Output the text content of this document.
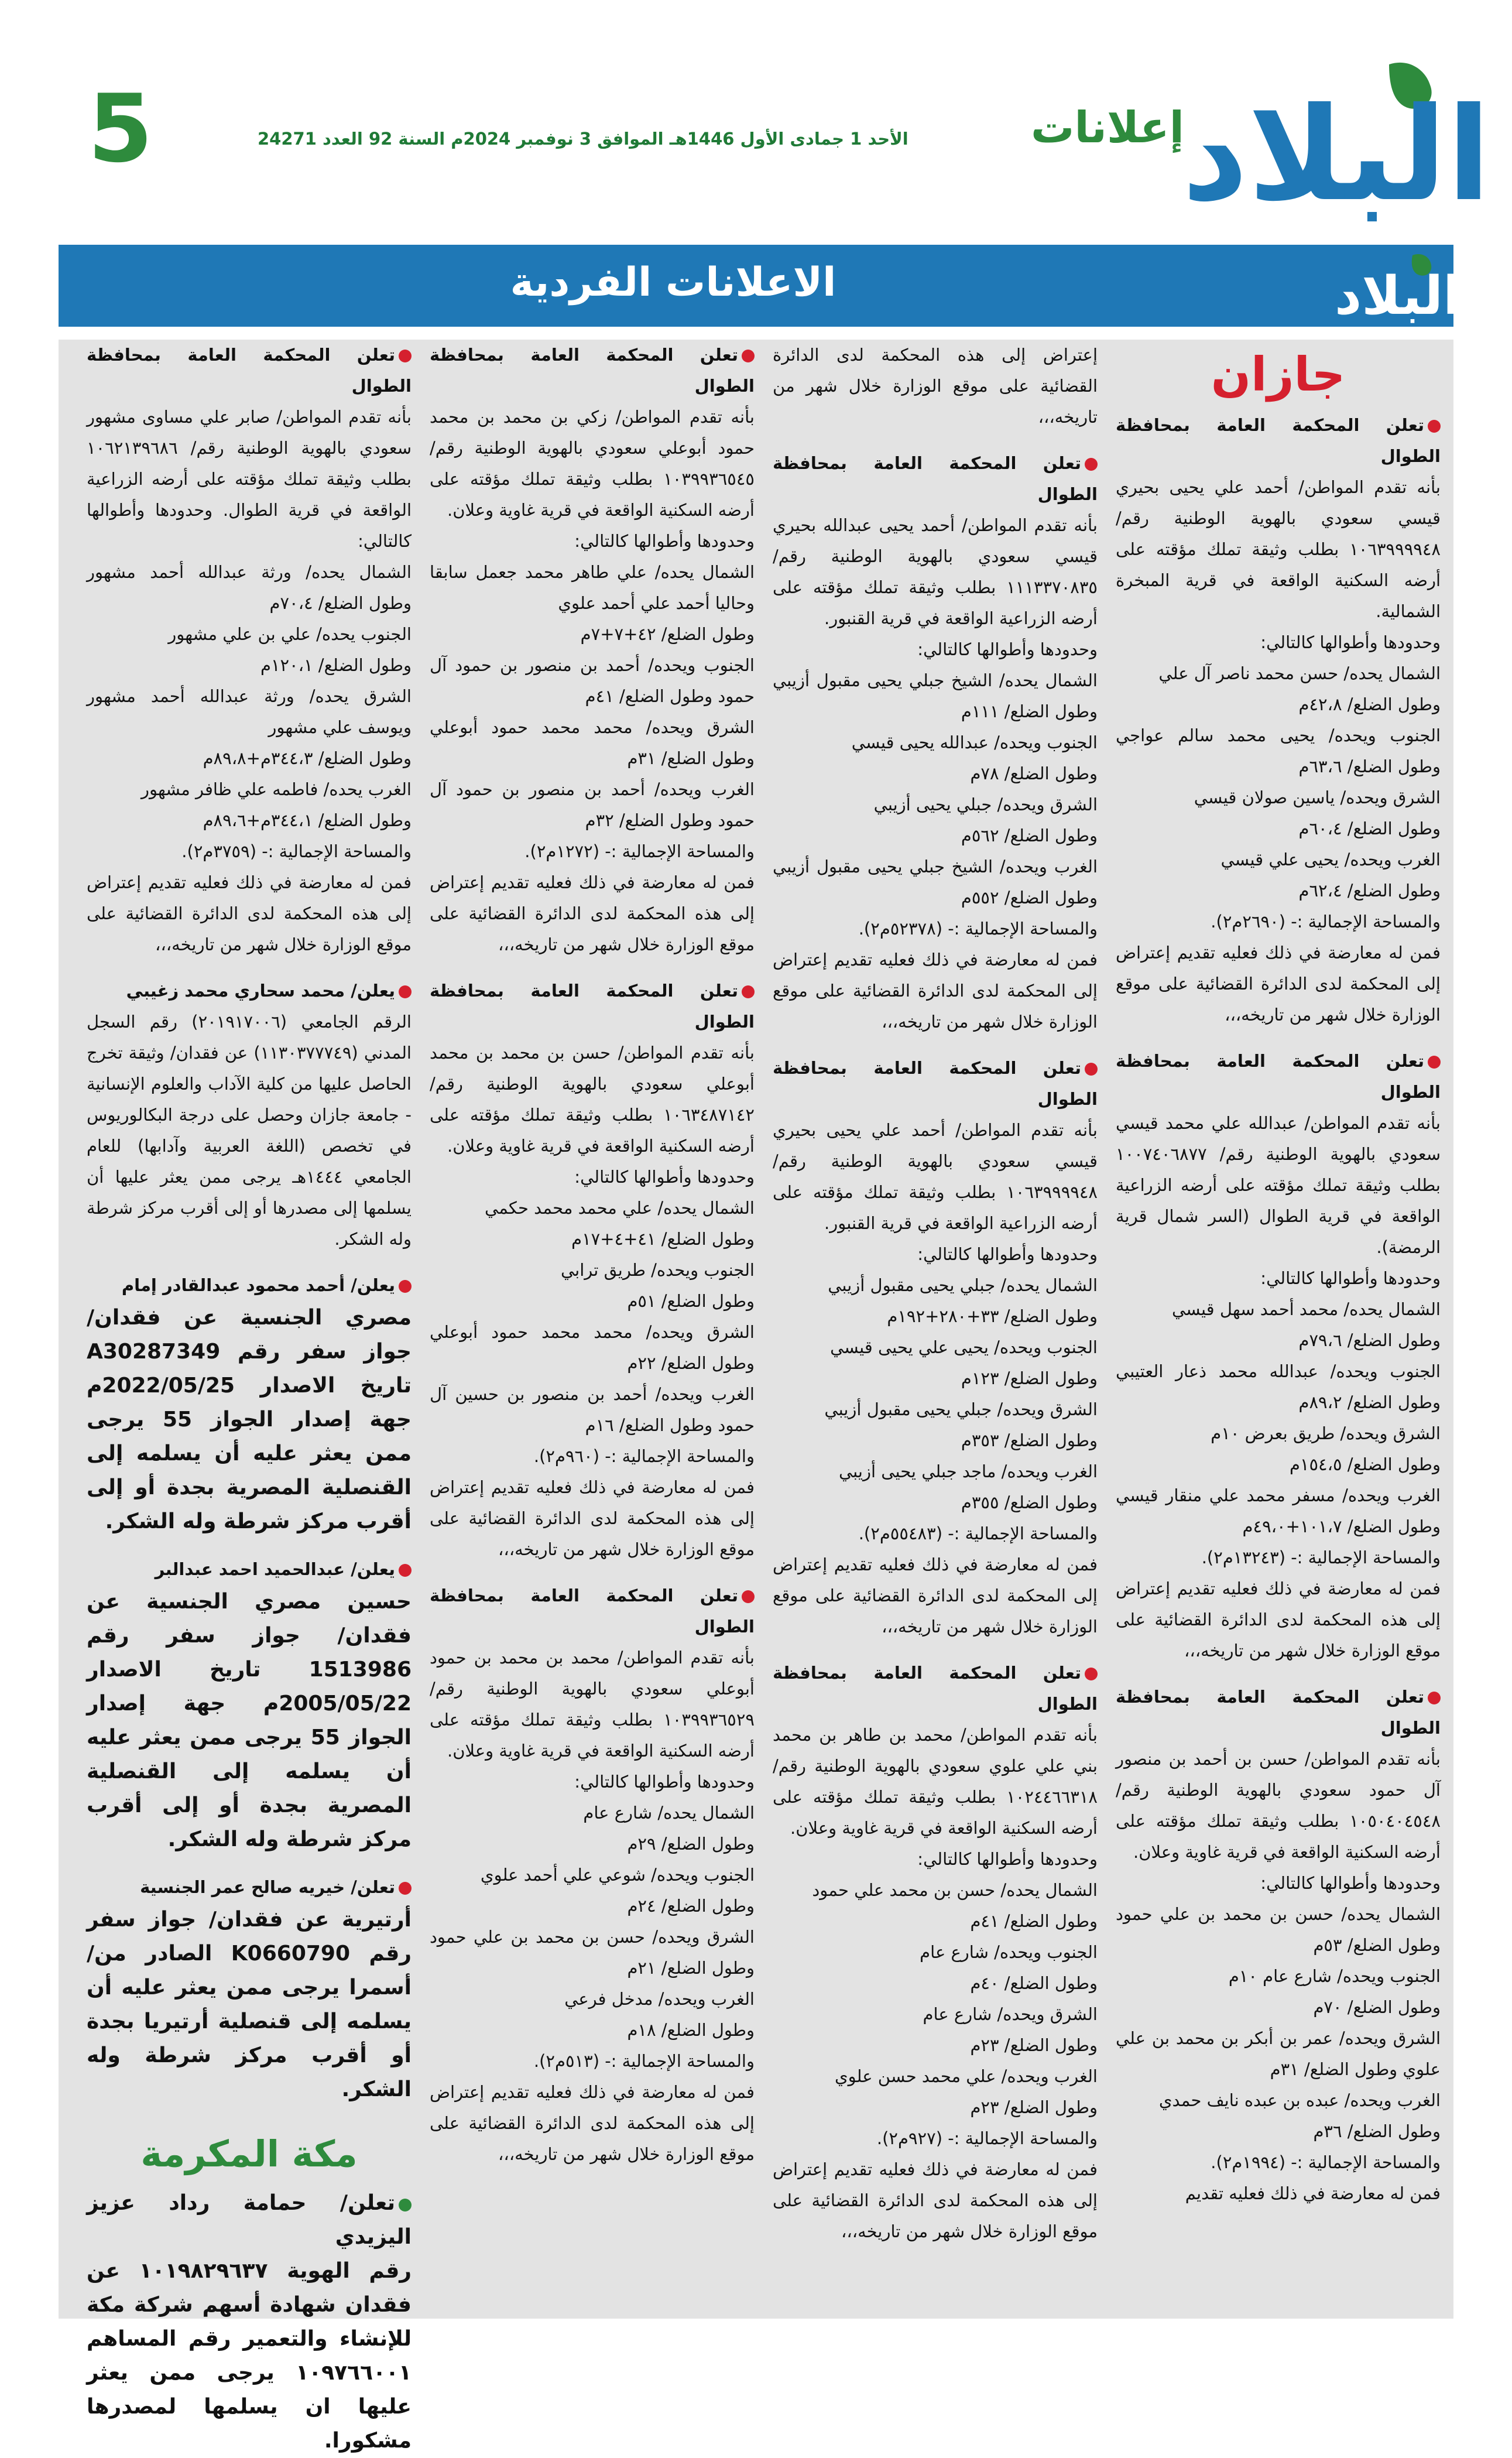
البلاد
إعلانات
الأحد 1 جمادى الأول 1446هـ الموافق 3 نوفمبر 2024م السنة 92 العدد 24271
5
البلاد
الاعلانات الفردية
جازان

تعلن المحكمة العامة بمحافظة الطوال

بأنه تقدم المواطن/ أحمد علي يحيى بحيري قيسي سعودي بالهوية الوطنية رقم/ ١٠٦٣٩٩٩٩٤٨ بطلب وثيقة تملك مؤقته على أرضه السكنية الواقعة في قرية المبخرة الشمالية.

وحدودها وأطوالها كالتالي:

الشمال يحده/ حسن محمد ناصر آل علي

وطول الضلع/ ٤٢،٨م

الجنوب ويحده/ يحيى محمد سالم عواجي وطول الضلع/ ٦٣،٦م

الشرق ويحده/ ياسين صولان قيسي

وطول الضلع/ ٦٠،٤م

الغرب ويحده/ يحيى علي قيسي

وطول الضلع/ ٦٢،٤م

والمساحة الإجمالية :- (٢٦٩٠م٢).

فمن له معارضة في ذلك فعليه تقديم إعتراض إلى المحكمة لدى الدائرة القضائية على موقع الوزارة خلال شهر من تاريخه،،،

تعلن المحكمة العامة بمحافظة الطوال

بأنه تقدم المواطن/ عبدالله علي محمد قيسي سعودي بالهوية الوطنية رقم/ ١٠٠٧٤٠٦٨٧٧ بطلب وثيقة تملك مؤقته على أرضه الزراعية الواقعة في قرية الطوال (السر شمال قرية الرمضة).

وحدودها وأطوالها كالتالي:

الشمال يحده/ محمد أحمد سهل قيسي

وطول الضلع/ ٧٩،٦م

الجنوب ويحده/ عبدالله محمد ذعار العتيبي وطول الضلع/ ٨٩،٢م

الشرق ويحده/ طريق بعرض ١٠م

وطول الضلع/ ١٥٤،٥م

الغرب ويحده/ مسفر محمد علي منقار قيسي وطول الضلع/ ١٠١،٧+٤٩،٠م

والمساحة الإجمالية :- (١٣٢٤٣م٢).

فمن له معارضة في ذلك فعليه تقديم إعتراض إلى هذه المحكمة لدى الدائرة القضائية على موقع الوزارة خلال شهر من تاريخه،،،

تعلن المحكمة العامة بمحافظة الطوال

بأنه تقدم المواطن/ حسن بن أحمد بن منصور آل حمود سعودي بالهوية الوطنية رقم/ ١٠٥٠٤٠٤٥٤٨ بطلب وثيقة تملك مؤقته على أرضه السكنية الواقعة في قرية غاوية وعلان.

وحدودها وأطوالها كالتالي:

الشمال يحده/ حسن بن محمد بن علي حمود وطول الضلع/ ٥٣م

الجنوب ويحده/ شارع عام ١٠م

وطول الضلع/ ٧٠م

الشرق ويحده/ عمر بن أبكر بن محمد بن علي علوي وطول الضلع/ ٣١م

الغرب ويحده/ عبده بن عبده نايف حمدي

وطول الضلع/ ٣٦م

والمساحة الإجمالية :- (١٩٩٤م٢).

فمن له معارضة في ذلك فعليه تقديم

إعتراض إلى هذه المحكمة لدى الدائرة القضائية على موقع الوزارة خلال شهر من تاريخه،،،

تعلن المحكمة العامة بمحافظة الطوال

بأنه تقدم المواطن/ أحمد يحيى عبدالله بحيري قيسي سعودي بالهوية الوطنية رقم/ ١١١٣٣٧٠٨٣٥ بطلب وثيقة تملك مؤقته على أرضه الزراعية الواقعة في قرية القنبور.

وحدودها وأطوالها كالتالي:

الشمال يحده/ الشيخ جبلي يحيى مقبول أزيبي وطول الضلع/ ١١١م

الجنوب ويحده/ عبدالله يحيى قيسي

وطول الضلع/ ٧٨م

الشرق ويحده/ جبلي يحيى أزيبي

وطول الضلع/ ٥٦٢م

الغرب ويحده/ الشيخ جبلي يحيى مقبول أزيبي وطول الضلع/ ٥٥٢م

والمساحة الإجمالية :- (٥٢٣٧٨م٢).

فمن له معارضة في ذلك فعليه تقديم إعتراض إلى المحكمة لدى الدائرة القضائية على موقع الوزارة خلال شهر من تاريخه،،،

تعلن المحكمة العامة بمحافظة الطوال

بأنه تقدم المواطن/ أحمد علي يحيى بحيري قيسي سعودي بالهوية الوطنية رقم/ ١٠٦٣٩٩٩٩٤٨ بطلب وثيقة تملك مؤقته على أرضه الزراعية الواقعة في قرية القنبور.

وحدودها وأطوالها كالتالي:

الشمال يحده/ جبلي يحيى مقبول أزيبي

وطول الضلع/ ٣٣+٢٨٠+١٩٢م

الجنوب ويحده/ يحيى علي يحيى قيسي

وطول الضلع/ ١٢٣م

الشرق ويحده/ جبلي يحيى مقبول أزيبي

وطول الضلع/ ٣٥٣م

الغرب ويحده/ ماجد جبلي يحيى أزيبي

وطول الضلع/ ٣٥٥م

والمساحة الإجمالية :- (٥٥٤٨٣م٢).

فمن له معارضة في ذلك فعليه تقديم إعتراض إلى المحكمة لدى الدائرة القضائية على موقع الوزارة خلال شهر من تاريخه،،،

تعلن المحكمة العامة بمحافظة الطوال

بأنه تقدم المواطن/ محمد بن طاهر بن محمد بني علي علوي سعودي بالهوية الوطنية رقم/ ١٠٢٤٤٦٦٣١٨ بطلب وثيقة تملك مؤقته على أرضه السكنية الواقعة في قرية غاوية وعلان.

وحدودها وأطوالها كالتالي:

الشمال يحده/ حسن بن محمد علي حمود

وطول الضلع/ ٤١م

الجنوب ويحده/ شارع عام

وطول الضلع/ ٤٠م

الشرق ويحده/ شارع عام

وطول الضلع/ ٢٣م

الغرب ويحده/ علي محمد حسن علوي

وطول الضلع/ ٢٣م

والمساحة الإجمالية :- (٩٢٧م٢).

فمن له معارضة في ذلك فعليه تقديم إعتراض إلى هذه المحكمة لدى الدائرة القضائية على موقع الوزارة خلال شهر من تاريخه،،،

تعلن المحكمة العامة بمحافظة الطوال

بأنه تقدم المواطن/ زكي بن محمد بن محمد حمود أبوعلي سعودي بالهوية الوطنية رقم/ ١٠٣٩٩٣٦٥٤٥ بطلب وثيقة تملك مؤقته على أرضه السكنية الواقعة في قرية غاوية وعلان.

وحدودها وأطوالها كالتالي:

الشمال يحده/ علي طاهر محمد جعمل سابقا وحاليا أحمد علي أحمد علوي

وطول الضلع/ ٤٢+٧+٧م

الجنوب ويحده/ أحمد بن منصور بن حمود آل حمود وطول الضلع/ ٤١م

الشرق ويحده/ محمد محمد حمود أبوعلي وطول الضلع/ ٣١م

الغرب ويحده/ أحمد بن منصور بن حمود آل حمود وطول الضلع/ ٣٢م

والمساحة الإجمالية :- (١٢٧٢م٢).

فمن له معارضة في ذلك فعليه تقديم إعتراض إلى هذه المحكمة لدى الدائرة القضائية على موقع الوزارة خلال شهر من تاريخه،،،

تعلن المحكمة العامة بمحافظة الطوال

بأنه تقدم المواطن/ حسن بن محمد بن محمد أبوعلي سعودي بالهوية الوطنية رقم/ ١٠٦٣٤٨٧١٤٢ بطلب وثيقة تملك مؤقته على أرضه السكنية الواقعة في قرية غاوية وعلان.

وحدودها وأطوالها كالتالي:

الشمال يحده/ علي محمد محمد حكمي

وطول الضلع/ ٤١+٤+١٧م

الجنوب ويحده/ طريق ترابي

وطول الضلع/ ٥١م

الشرق ويحده/ محمد محمد حمود أبوعلي وطول الضلع/ ٢٢م

الغرب ويحده/ أحمد بن منصور بن حسين آل حمود وطول الضلع/ ١٦م

والمساحة الإجمالية :- (٩٦٠م٢).

فمن له معارضة في ذلك فعليه تقديم إعتراض إلى هذه المحكمة لدى الدائرة القضائية على موقع الوزارة خلال شهر من تاريخه،،،

تعلن المحكمة العامة بمحافظة الطوال

بأنه تقدم المواطن/ محمد بن محمد بن حمود أبوعلي سعودي بالهوية الوطنية رقم/ ١٠٣٩٩٣٦٥٢٩ بطلب وثيقة تملك مؤقته على أرضه السكنية الواقعة في قرية غاوية وعلان.

وحدودها وأطوالها كالتالي:

الشمال يحده/ شارع عام

وطول الضلع/ ٢٩م

الجنوب ويحده/ شوعي علي أحمد علوي

وطول الضلع/ ٢٤م

الشرق ويحده/ حسن بن محمد بن علي حمود وطول الضلع/ ٢١م

الغرب ويحده/ مدخل فرعي

وطول الضلع/ ١٨م

والمساحة الإجمالية :- (٥١٣م٢).

فمن له معارضة في ذلك فعليه تقديم إعتراض إلى هذه المحكمة لدى الدائرة القضائية على موقع الوزارة خلال شهر من تاريخه،،،

تعلن المحكمة العامة بمحافظة الطوال

بأنه تقدم المواطن/ صابر علي مساوى مشهور سعودي بالهوية الوطنية رقم/ ١٠٦٢١٣٩٦٨٦ بطلب وثيقة تملك مؤقته على أرضه الزراعية الواقعة في قرية الطوال. وحدودها وأطوالها كالتالي:

الشمال يحده/ ورثة عبدالله أحمد مشهور وطول الضلع/ ٧٠،٤م

الجنوب يحده/ علي بن علي مشهور

وطول الضلع/ ١٢٠،١م

الشرق يحده/ ورثة عبدالله أحمد مشهور ويوسف علي مشهور

وطول الضلع/ ٣٤٤،٣م+٨٩،٨م

الغرب يحده/ فاطمه علي ظافر مشهور

وطول الضلع/ ٣٤٤،١م+٨٩،٦م

والمساحة الإجمالية :- (٣٧٥٩م٢).

فمن له معارضة في ذلك فعليه تقديم إعتراض إلى هذه المحكمة لدى الدائرة القضائية على موقع الوزارة خلال شهر من تاريخه،،،

يعلن/ محمد سحاري محمد زغيبي

الرقم الجامعي (٢٠١٩١٧٠٠٦) رقم السجل المدني (١١٣٠٣٧٧٧٤٩) عن فقدان/ وثيقة تخرج الحاصل عليها من كلية الآداب والعلوم الإنسانية - جامعة جازان وحصل على درجة البكالوريوس في تخصص (اللغة العربية وآدابها) للعام الجامعي ١٤٤٤هـ يرجى ممن يعثر عليها أن يسلمها إلى مصدرها أو إلى أقرب مركز شرطة وله الشكر.

يعلن/ أحمد محمود عبدالقادر إمام

مصري الجنسية عن فقدان/ جواز سفر رقم A30287349 تاريخ الاصدار 2022/05/25م جهة إصدار الجواز 55 يرجى ممن يعثر عليه أن يسلمه إلى القنصلية المصرية بجدة أو إلى أقرب مركز شرطة وله الشكر.

يعلن/ عبدالحميد احمد عبدالبر

حسين مصري الجنسية عن فقدان/ جواز سفر رقم 1513986 تاريخ الاصدار 2005/05/22م جهة إصدار الجواز 55 يرجى ممن يعثر عليه أن يسلمه إلى القنصلية المصرية بجدة أو إلى أقرب مركز شرطة وله الشكر.

تعلن/ خيريه صالح عمر الجنسية

أرتيرية عن فقدان/ جواز سفر رقم K0660790 الصادر من/ أسمرا يرجى ممن يعثر عليه أن يسلمه إلى قنصلية أرتيريا بجدة أو أقرب مركز شرطة وله الشكر.

مكة المكرمة

تعلن/ حمامة رداد عزيز اليزيدي

رقم الهوية ١٠١٩٨٢٩٦٣٧ عن فقدان شهادة أسهم شركة مكة للإنشاء والتعمير رقم المساهم ١٠٩٧٦٦٠٠١ يرجى ممن يعثر عليها ان يسلمها لمصدرها مشكورا.
